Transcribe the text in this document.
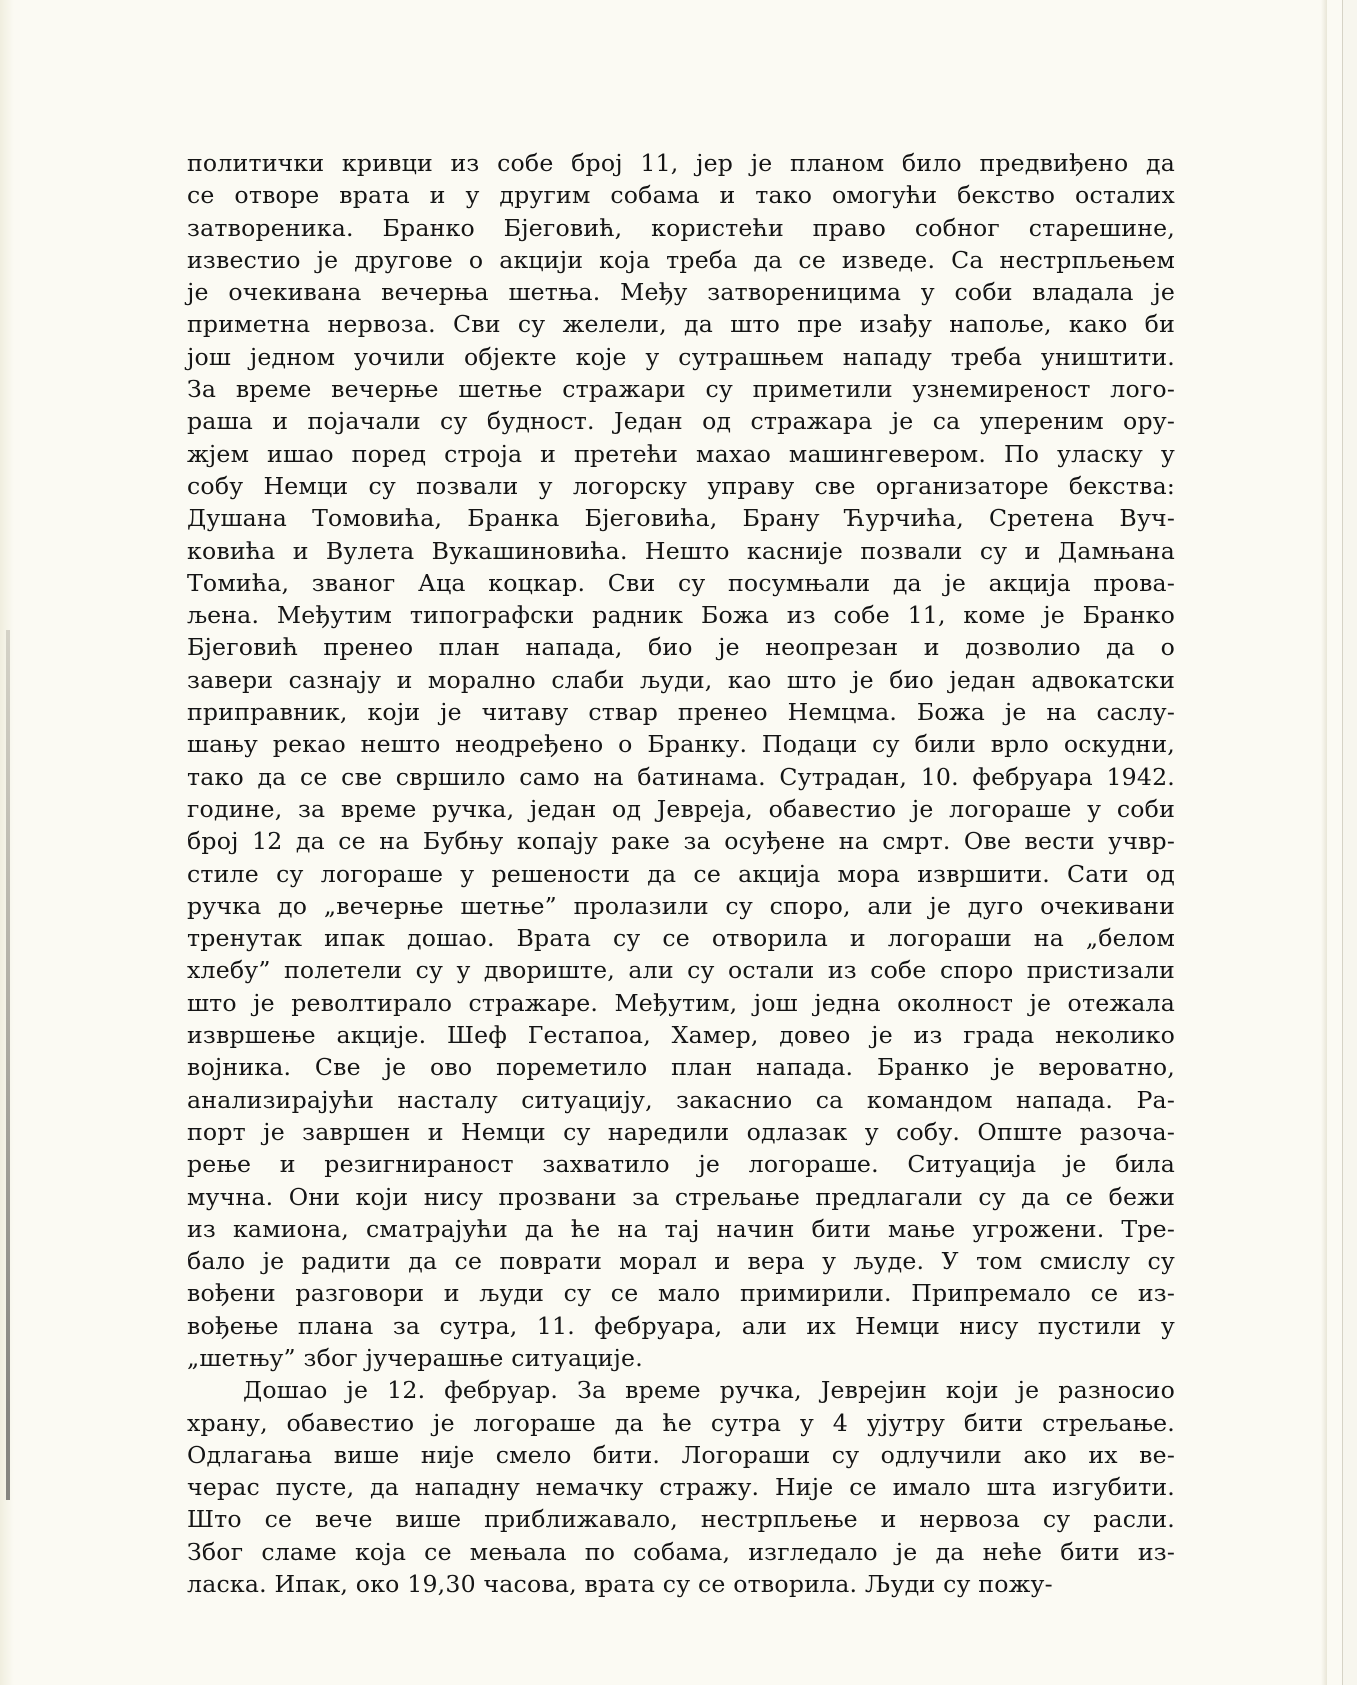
политички кривци из собе број 11, јер је планом било предвиђено да
се отворе врата и у другим собама и тако омогући бекство осталих
затвореника. Бранко Бјеговић, користећи право собног старешине,
известио је другове о акцији која треба да се изведе. Са нестрпљењем
је очекивана вечерња шетња. Међу затвореницима у соби владала је
приметна нервоза. Сви су желели, да што пре изађу напоље, како би
још једном уочили објекте које у сутрашњем нападу треба уништити.
За време вечерње шетње стражари су приметили узнемиреност лого-
раша и појачали су будност. Један од стражара је са уперeним ору-
жјем ишао поред строја и претећи махао машингевером. По уласку у
собу Немци су позвали у логорску управу све организаторе бекства:
Душана Томовића, Бранка Бјеговића, Брану Ћурчића, Сретена Вуч-
ковића и Вулета Вукашиновића. Нешто касније позвали су и Дамњана
Томића, званог Аца коцкар. Сви су посумњали да је акција прова-
љена. Међутим типографски радник Божа из собе 11, коме је Бранко
Бјеговић пренео план напада, био је неопрезан и дозволио да о
завери сазнају и морално слаби људи, као што је био један адвокатски
приправник, који је читаву ствар пренео Немцма. Божа је на саслу-
шању рекао нешто неодређено о Бранку. Подаци су били врло оскудни,
тако да се све свршило само на батинама. Сутрадан, 10. фебруара 1942.
године, за време ручка, један од Јевреја, обавестио је логораше у соби
број 12 да се на Бубњу копају раке за осуђене на смрт. Ове вести учвр-
стиле су логораше у решености да се акција мора извршити. Сати од
ручка до „вечерње шетње” пролазили су споро, али је дуго очекивани
тренутак ипак дошао. Врата су се отворила и логораши на „белом
хлебу” полетели су у двориште, али су остали из собе споро пристизали
што је револтирало стражаре. Међутим, још једна околност је отежала
извршење акције. Шеф Гестапоа, Хамер, довео је из града неколико
војника. Све је ово пореметило план напада. Бранко је вероватно,
анализирајући насталу ситуацију, закаснио са командом напада. Ра-
порт је завршен и Немци су наредили одлазак у собу. Опште разоча-
рење и резигнираност захватило је логораше. Ситуација је била
мучна. Они који нису прозвани за стрељање предлагали су да се бежи
из камиона, сматрајући да ће на тај начин бити мање угрожени. Тре-
бало је радити да се поврати морал и вера у људе. У том смислу су
вођени разговори и људи су се мало примирили. Припремало се из-
вођење плана за сутра, 11. фебруара, али их Немци нису пустили у
„шетњу” због јучерашње ситуације.
Дошао је 12. фебруар. За време ручка, Јеврејин који је разносио
храну, обавестио је логораше да ће сутра у 4 ујутру бити стрељање.
Одлагања више није смело бити. Логораши су одлучили ако их ве-
черас пусте, да нападну немачку стражу. Није се имало шта изгубити.
Што се вече више приближавало, нестрпљење и нервоза су расли.
Због сламе која се мењала по собама, изгледало је да неће бити из-
ласка. Ипак, око 19,30 часова, врата су се отворила. Људи су пожу-
